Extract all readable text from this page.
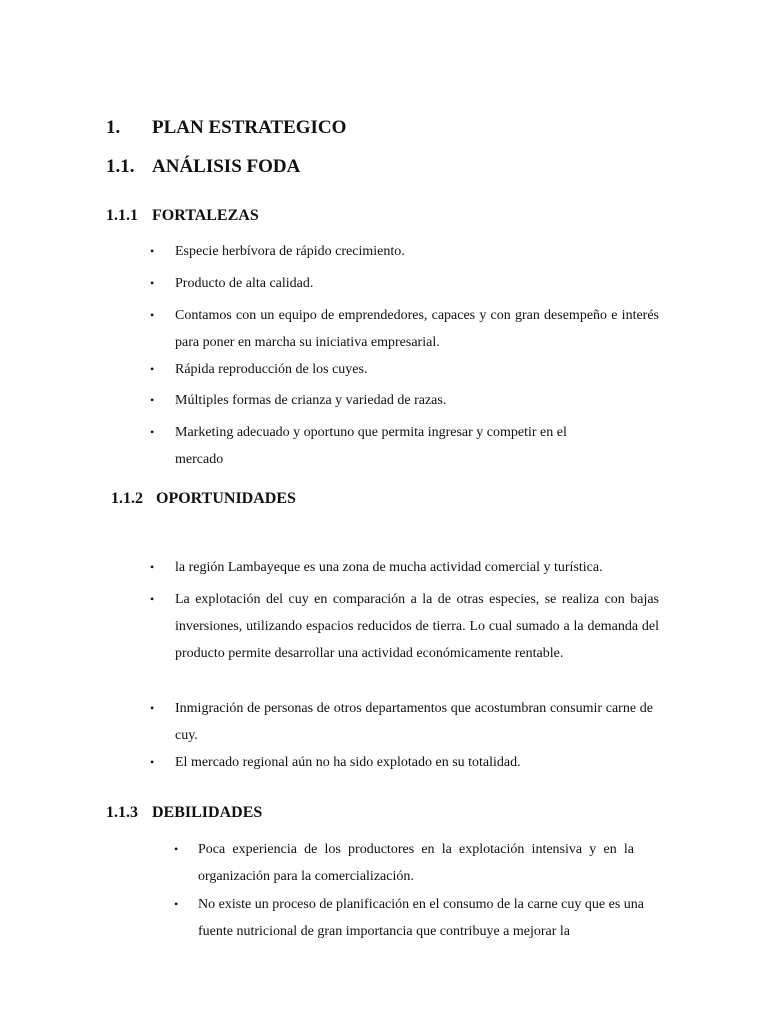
1. PLAN ESTRATEGICO
1.1. ANÁLISIS FODA
1.1.1 FORTALEZAS
• Especie herbívora de rápido crecimiento.
• Producto de alta calidad.
• Contamos con un equipo de emprendedores, capaces y con gran desempeño e interés para poner en marcha su iniciativa empresarial.
• Rápida reproducción de los cuyes.
• Múltiples formas de crianza y variedad de razas.
• Marketing adecuado y oportuno que permita ingresar y competir en el mercado
1.1.2 OPORTUNIDADES
• la región Lambayeque es una zona de mucha actividad comercial y turística.
• La explotación del cuy en comparación a la de otras especies, se realiza con bajas inversiones, utilizando espacios reducidos de tierra. Lo cual sumado a la demanda del producto permite desarrollar una actividad económicamente rentable.
• Inmigración de personas de otros departamentos que acostumbran consumir carne de cuy.
• El mercado regional aún no ha sido explotado en su totalidad.
1.1.3 DEBILIDADES
• Poca experiencia de los productores en la explotación intensiva y en la organización para la comercialización.
• No existe un proceso de planificación en el consumo de la carne cuy que es una fuente nutricional de gran importancia que contribuye a mejorar la
